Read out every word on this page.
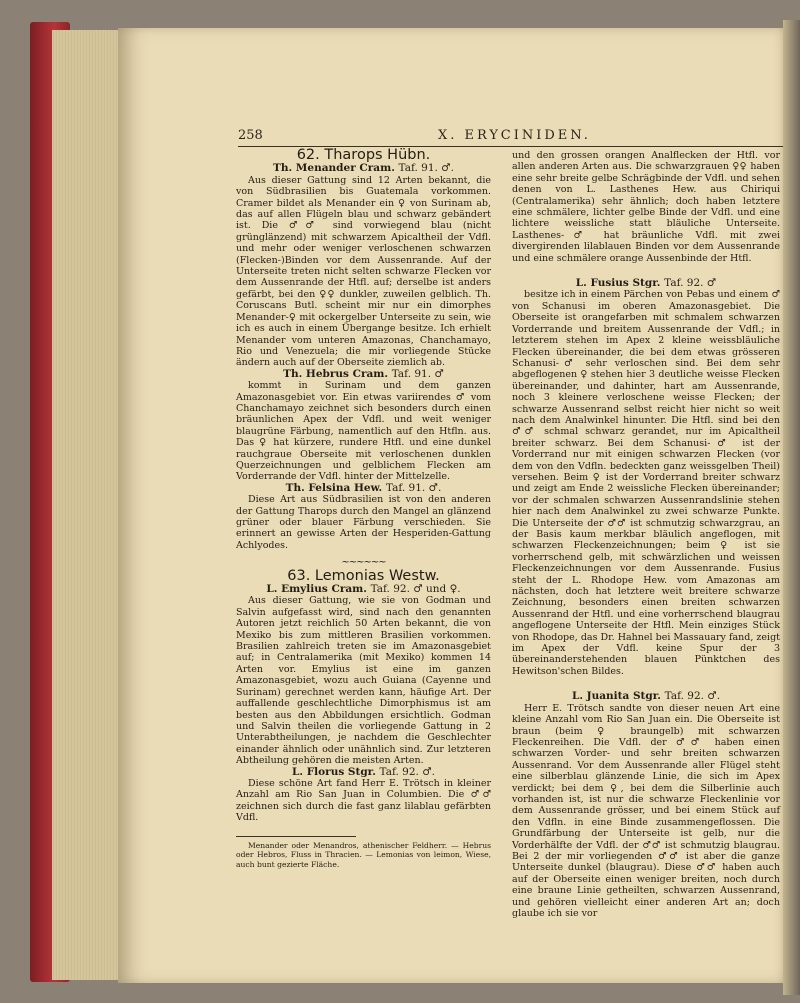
258	X. ERYCINIDEN.

62. Tharops Hübn.

Th. Menander Cram. Taf. 91. ♂.

Aus dieser Gattung sind 12 Arten bekannt, die von Südbrasilien bis Guatemala vorkommen. Cramer bildet als Menander ein ♀ von Surinam ab, das auf allen Flügeln blau und schwarz gebändert ist. Die ♂♂ sind vorwiegend blau (nicht grünglänzend) mit schwarzem Apicaltheil der Vdfl. und mehr oder weniger verloschenen schwarzen (Flecken-)Binden vor dem Aussenrande. Auf der Unterseite treten nicht selten schwarze Flecken vor dem Aussenrande der Htfl. auf; derselbe ist anders gefärbt, bei den ♀♀ dunkler, zuweilen gelblich. Th. Coruscans Butl. scheint mir nur ein dimorphes Menander-♀ mit ockergelber Unterseite zu sein, wie ich es auch in einem Übergange besitze. Ich erhielt Menander vom unteren Amazonas, Chanchamayo, Rio und Venezuela; die mir vorliegende Stücke ändern auch auf der Oberseite ziemlich ab.

Th. Hebrus Cram. Taf. 91. ♂

kommt in Surinam und dem ganzen Amazonasgebiet vor. Ein etwas variirendes ♂ vom Chanchamayo zeichnet sich besonders durch einen bräunlichen Apex der Vdfl. und weit weniger blaugrüne Färbung, namentlich auf den Htfln. aus. Das ♀ hat kürzere, rundere Htfl. und eine dunkel rauchgraue Oberseite mit verloschenen dunklen Querzeichnungen und gelblichem Flecken am Vorderrande der Vdfl. hinter der Mittelzelle.

Th. Felsina Hew. Taf. 91. ♂.

Diese Art aus Südbrasilien ist von den anderen der Gattung Tharops durch den Mangel an glänzend grüner oder blauer Färbung verschieden. Sie erinnert an gewisse Arten der Hesperiden-Gattung Achlyodes.

~~~~~~

63. Lemonias Westw.

L. Emylius Cram. Taf. 92. ♂ und ♀.

Aus dieser Gattung, wie sie von Godman und Salvin aufgefasst wird, sind nach den genannten Autoren jetzt reichlich 50 Arten bekannt, die von Mexiko bis zum mittleren Brasilien vorkommen. Brasilien zahlreich treten sie im Amazonasgebiet auf; in Centralamerika (mit Mexiko) kommen 14 Arten vor. Emylius ist eine im ganzen Amazonasgebiet, wozu auch Guiana (Cayenne und Surinam) gerechnet werden kann, häufige Art. Der auffallende geschlechtliche Dimorphismus ist am besten aus den Abbildungen ersichtlich. Godman und Salvin theilen die vorliegende Gattung in 2 Unterabtheilungen, je nachdem die Geschlechter einander ähnlich oder unähnlich sind. Zur letzteren Abtheilung gehören die meisten Arten.

L. Florus Stgr. Taf. 92. ♂.

Diese schöne Art fand Herr E. Trötsch in kleiner Anzahl am Rio San Juan in Columbien. Die ♂♂ zeichnen sich durch die fast ganz lilablau gefärbten Vdfl.

Menander oder Menandros, athenischer Feldherr. — Hebrus oder Hebros, Fluss in Thracien. — Lemonias von leimon, Wiese, auch bunt gezierte Fläche.

und den grossen orangen Analflecken der Htfl. vor allen anderen Arten aus. Die schwarzgrauen ♀♀ haben eine sehr breite gelbe Schrägbinde der Vdfl. und sehen denen von L. Lasthenes Hew. aus Chiriqui (Centralamerika) sehr ähnlich; doch haben letztere eine schmälere, lichter gelbe Binde der Vdfl. und eine lichtere weissliche statt bläuliche Unterseite. Lasthenes-♂ hat bräunliche Vdfl. mit zwei divergirenden lilablauen Binden vor dem Aussenrande und eine schmälere orange Aussenbinde der Htfl.

L. Fusius Stgr. Taf. 92. ♂

besitze ich in einem Pärchen von Pebas und einem ♂ von Schanusi im oberen Amazonasgebiet. Die Oberseite ist orangefarben mit schmalem schwarzen Vorderrande und breitem Aussenrande der Vdfl.; in letzterem stehen im Apex 2 kleine weissbläuliche Flecken übereinander, die bei dem etwas grösseren Schanusi-♂ sehr verloschen sind. Bei dem sehr abgeflogenen ♀ stehen hier 3 deutliche weisse Flecken übereinander, und dahinter, hart am Aussenrande, noch 3 kleinere verloschene weisse Flecken; der schwarze Aussenrand selbst reicht hier nicht so weit nach dem Analwinkel hinunter. Die Htfl. sind bei den ♂♂ schmal schwarz gerandet, nur im Apicaltheil breiter schwarz. Bei dem Schanusi-♂ ist der Vorderrand nur mit einigen schwarzen Flecken (vor dem von den Vdfln. bedeckten ganz weissgelben Theil) versehen. Beim ♀ ist der Vorderrand breiter schwarz und zeigt am Ende 2 weissliche Flecken übereinander; vor der schmalen schwarzen Aussenrandslinie stehen hier nach dem Analwinkel zu zwei schwarze Punkte. Die Unterseite der ♂♂ ist schmutzig schwarzgrau, an der Basis kaum merkbar bläulich angeflogen, mit schwarzen Fleckenzeichnungen; beim ♀ ist sie vorherrschend gelb, mit schwärzlichen und weissen Fleckenzeichnungen vor dem Aussenrande. Fusius steht der L. Rhodope Hew. vom Amazonas am nächsten, doch hat letztere weit breitere schwarze Zeichnung, besonders einen breiten schwarzen Aussenrand der Htfl. und eine vorherrschend blaugrau angeflogene Unterseite der Htfl. Mein einziges Stück von Rhodope, das Dr. Hahnel bei Massauary fand, zeigt im Apex der Vdfl. keine Spur der 3 übereinanderstehenden blauen Pünktchen des Hewitson'schen Bildes.

L. Juanita Stgr. Taf. 92. ♂.

Herr E. Trötsch sandte von dieser neuen Art eine kleine Anzahl vom Rio San Juan ein. Die Oberseite ist braun (beim ♀ braungelb) mit schwarzen Fleckenreihen. Die Vdfl. der ♂♂ haben einen schwarzen Vorder- und sehr breiten schwarzen Aussenrand. Vor dem Aussenrande aller Flügel steht eine silberblau glänzende Linie, die sich im Apex verdickt; bei dem ♀, bei dem die Silberlinie auch vorhanden ist, ist nur die schwarze Fleckenlinie vor dem Aussenrande grösser, und bei einem Stück auf den Vdfln. in eine Binde zusammengeflossen. Die Grundfärbung der Unterseite ist gelb, nur die Vorderhälfte der Vdfl. der ♂♂ ist schmutzig blaugrau. Bei 2 der mir vorliegenden ♂♂ ist aber die ganze Unterseite dunkel (blaugrau). Diese ♂♂ haben auch auf der Oberseite einen weniger breiten, noch durch eine braune Linie getheilten, schwarzen Aussenrand, und gehören vielleicht einer anderen Art an; doch glaube ich sie vor
